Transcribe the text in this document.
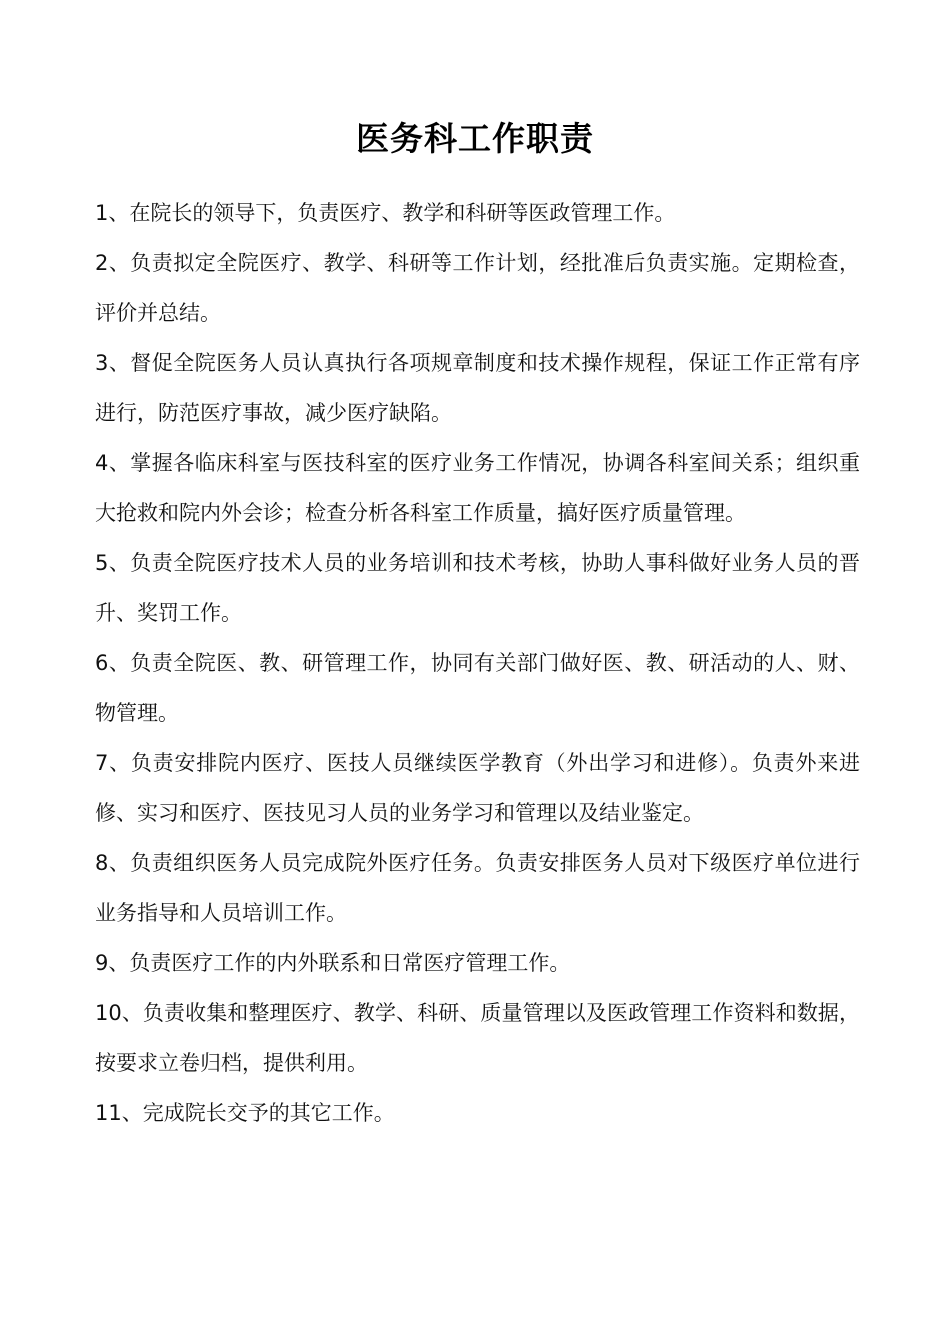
医务科工作职责
1、在院长的领导下，负责医疗、教学和科研等医政管理工作。
2、负责拟定全院医疗、教学、科研等工作计划，经批准后负责实施。定期检查，评价并总结。
3、督促全院医务人员认真执行各项规章制度和技术操作规程，保证工作正常有序进行，防范医疗事故，减少医疗缺陷。
4、掌握各临床科室与医技科室的医疗业务工作情况，协调各科室间关系；组织重大抢救和院内外会诊；检查分析各科室工作质量，搞好医疗质量管理。
5、负责全院医疗技术人员的业务培训和技术考核，协助人事科做好业务人员的晋升、奖罚工作。
6、负责全院医、教、研管理工作，协同有关部门做好医、教、研活动的人、财、物管理。
7、负责安排院内医疗、医技人员继续医学教育（外出学习和进修）。负责外来进修、实习和医疗、医技见习人员的业务学习和管理以及结业鉴定。
8、负责组织医务人员完成院外医疗任务。负责安排医务人员对下级医疗单位进行业务指导和人员培训工作。
9、负责医疗工作的内外联系和日常医疗管理工作。
10、负责收集和整理医疗、教学、科研、质量管理以及医政管理工作资料和数据，按要求立卷归档，提供利用。
11、完成院长交予的其它工作。
